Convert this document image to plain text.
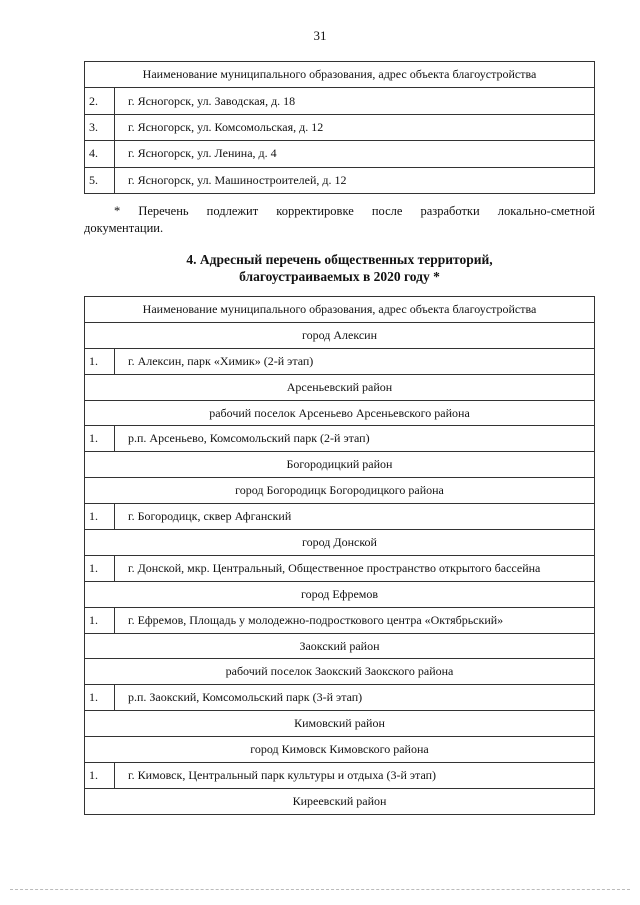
31
Наименование муниципального образования, адрес объекта благоустройства	
2.	г. Ясногорск, ул. Заводская, д. 18
3.	г. Ясногорск, ул. Комсомольская, д. 12
4.	г. Ясногорск, ул. Ленина, д. 4
5.	г. Ясногорск, ул. Машиностроителей, д. 12
* Перечень подлежит корректировке после разработки локально-сметной
документации.
4. Адресный перечень общественных территорий,
благоустраиваемых в 2020 году *
Наименование муниципального образования, адрес объекта благоустройства	
город Алексин	
1.	г. Алексин, парк «Химик» (2-й этап)
Арсеньевский район	
рабочий поселок Арсеньево Арсеньевского района	
1.	р.п. Арсеньево, Комсомольский парк (2-й этап)
Богородицкий район	
город Богородицк Богородицкого района	
1.	г. Богородицк, сквер Афганский
город Донской	
1.	г. Донской, мкр. Центральный, Общественное пространство открытого бассейна
город Ефремов	
1.	г. Ефремов, Площадь у молодежно-подросткового центра «Октябрьский»
Заокский район	
рабочий поселок Заокский Заокского района	
1.	р.п. Заокский, Комсомольский парк (3-й этап)
Кимовский район	
город Кимовск Кимовского района	
1.	г. Кимовск, Центральный парк культуры и отдыха (3-й этап)
Киреевский район	
